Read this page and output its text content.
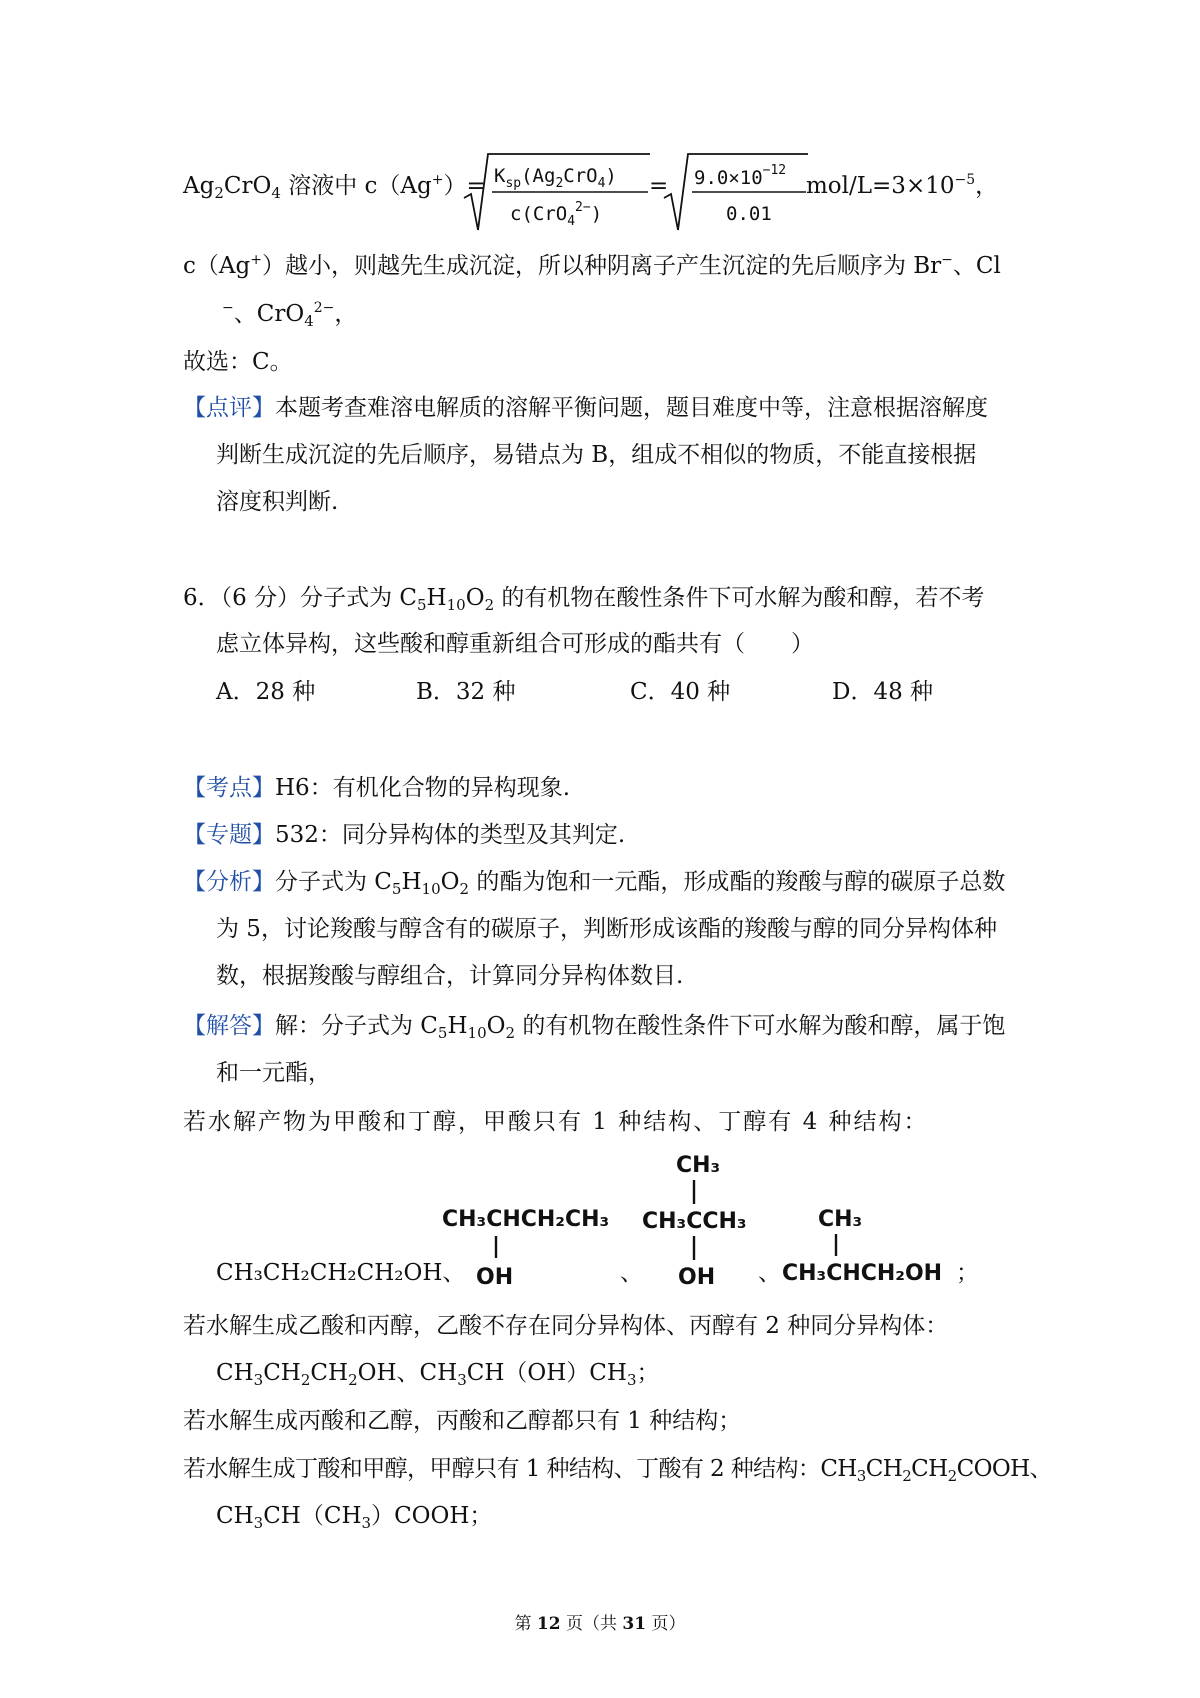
$Ag_2CrO_4$ 溶液中 $c(Ag^+)= K_{sp}(Ag_2CrO_4)$
c(CrO$_4^{2-}$)
= $9.0\times 10^{-12}$
0.01
mol/$L=3\times 10^{-5}$，
c（Ag+）越小，则越先生成沉淀，所以种阴离子产生沉淀的先后顺序为 Br−、Cl
−、CrO$_4^{2-}$，
故选：C。
【点评】本题考查难溶电解质的溶解平衡问题，题目难度中等，注意根据溶解度
判断生成沉淀的先后顺序，易错点为 B，组成不相似的物质，不能直接根据
溶度积判断.
6．（6 分）分子式为 $C_5H_{10}O_2$ 的有机物在酸性条件下可水解为酸和醇，若不考
虑立体异构，这些酸和醇重新组合可形成的酯共有（　　）
A．28 种	B．32 种	C．40 种	D．48 种
【考点】H6：有机化合物的异构现象.
【专题】532：同分异构体的类型及其判定.
【分析】分子式为 $C_5H_{10}O_2$ 的酯为饱和一元酯，形成酯的羧酸与醇的碳原子总数
为 5，讨论羧酸与醇含有的碳原子，判断形成该酯的羧酸与醇的同分异构体种
数，根据羧酸与醇组合，计算同分异构体数目.
【解答】解：分子式为 $C_5H_{10}O_2$ 的有机物在酸性条件下可水解为酸和醇，属于饱
和一元酯，
若水解产物为甲酸和丁醇，甲酸只有 1 种结构、丁醇有 4 种结构：
CH₃CH₂CH₂CH₂OH、
CH₃CHCH₂CH₃
OH	、
CH₃
CH₃CCH₃
OH 、
CH₃
CH₃CHCH₂OH ；
若水解生成乙酸和丙醇，乙酸不存在同分异构体、丙醇有 2 种同分异构体：
$CH_3CH_2CH_2OH$、$CH_3CH(OH)CH_3$；
若水解生成丙酸和乙醇，丙酸和乙醇都只有 1 种结构；
若水解生成丁酸和甲醇，甲醇只有 1 种结构、丁酸有 2 种结构：$CH_3CH_2CH_2COOH$、
$CH_3CH(CH_3)COOH$；
第 12 页（共 31 页）
